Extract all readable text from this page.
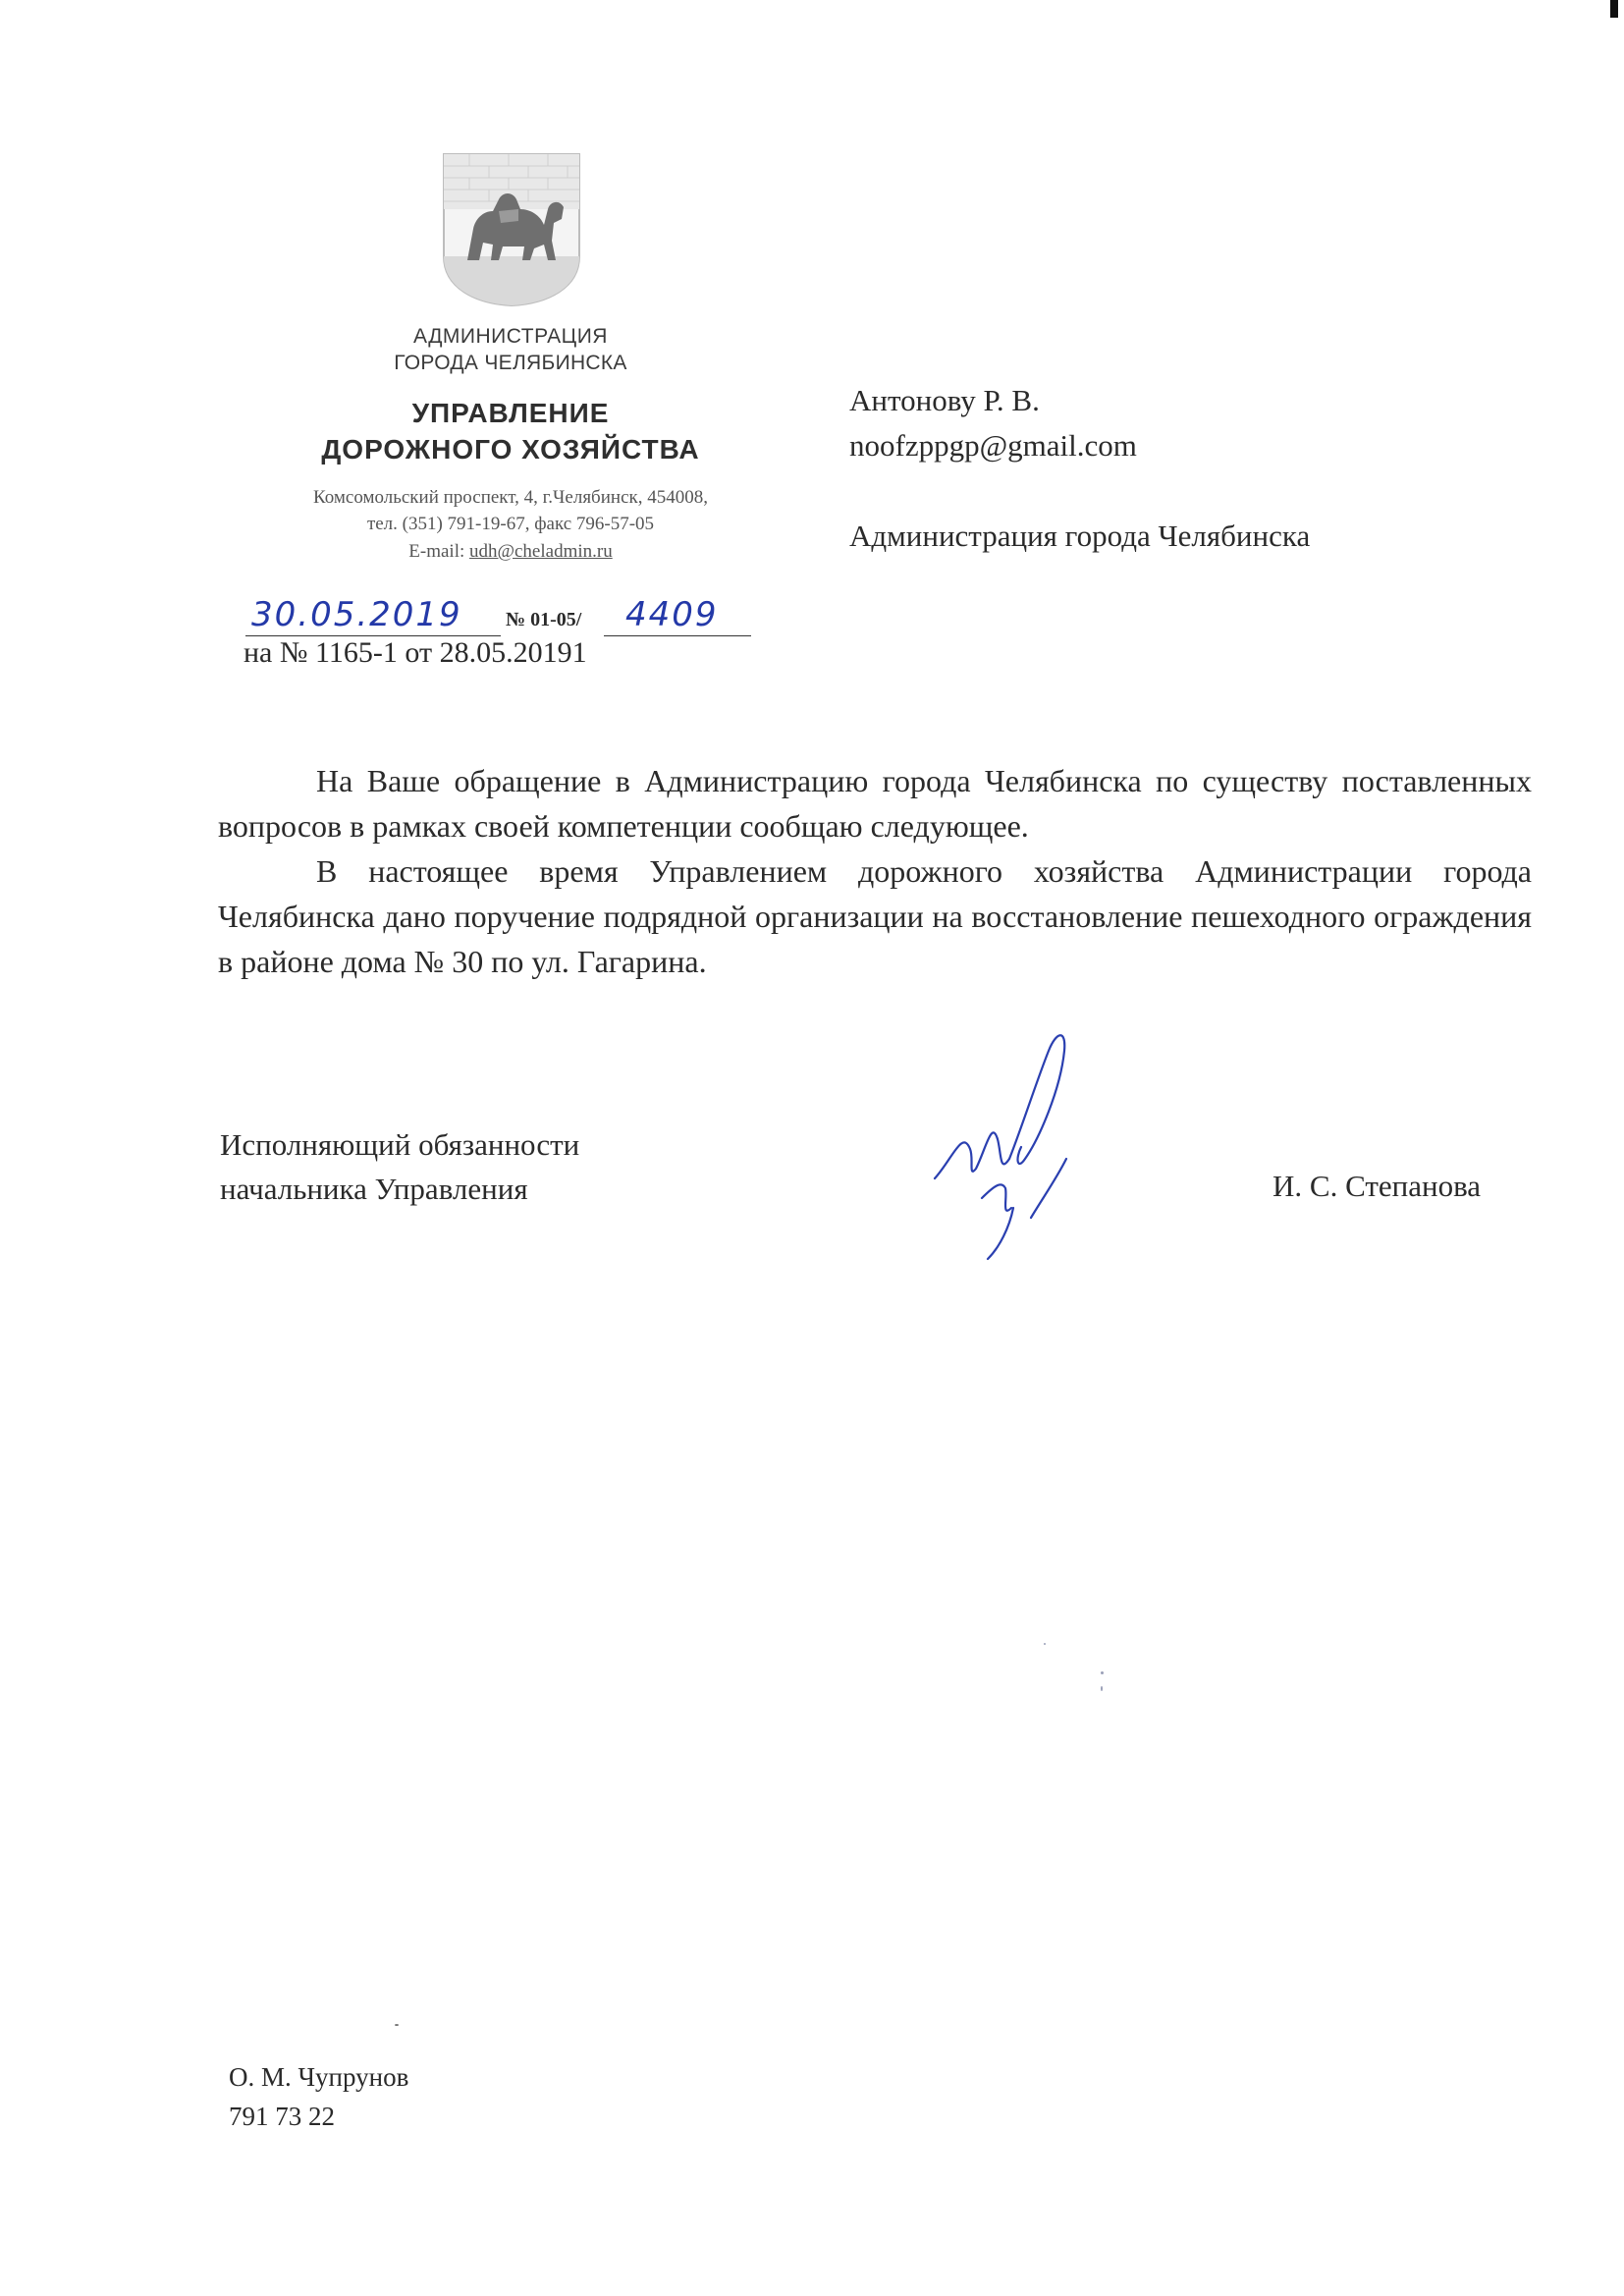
АДМИНИСТРАЦИЯ
ГОРОДА ЧЕЛЯБИНСКА
УПРАВЛЕНИЕ
ДОРОЖНОГО ХОЗЯЙСТВА
Комсомольский проспект, 4, г.Челябинск, 454008,
тел. (351) 791-19-67, факс 796-57-05
E-mail: udh@cheladmin.ru
30.05.2019	№ 01-05/	4409
на № 1165-1 от 28.05.20191
Антонову Р. В.
noofzppgp@gmail.com
Администрация города Челябинска
На Ваше обращение в Администрацию города Челябинска по существу поставленных вопросов в рамках своей компетенции сообщаю следующее.
В настоящее время Управлением дорожного хозяйства Администрации города Челябинска дано поручение подрядной организации на восстановление пешеходного ограждения в районе дома № 30 по ул. Гагарина.
Исполняющий обязанности
начальника Управления	И. С. Степанова
О. М. Чупрунов
791 73 22
